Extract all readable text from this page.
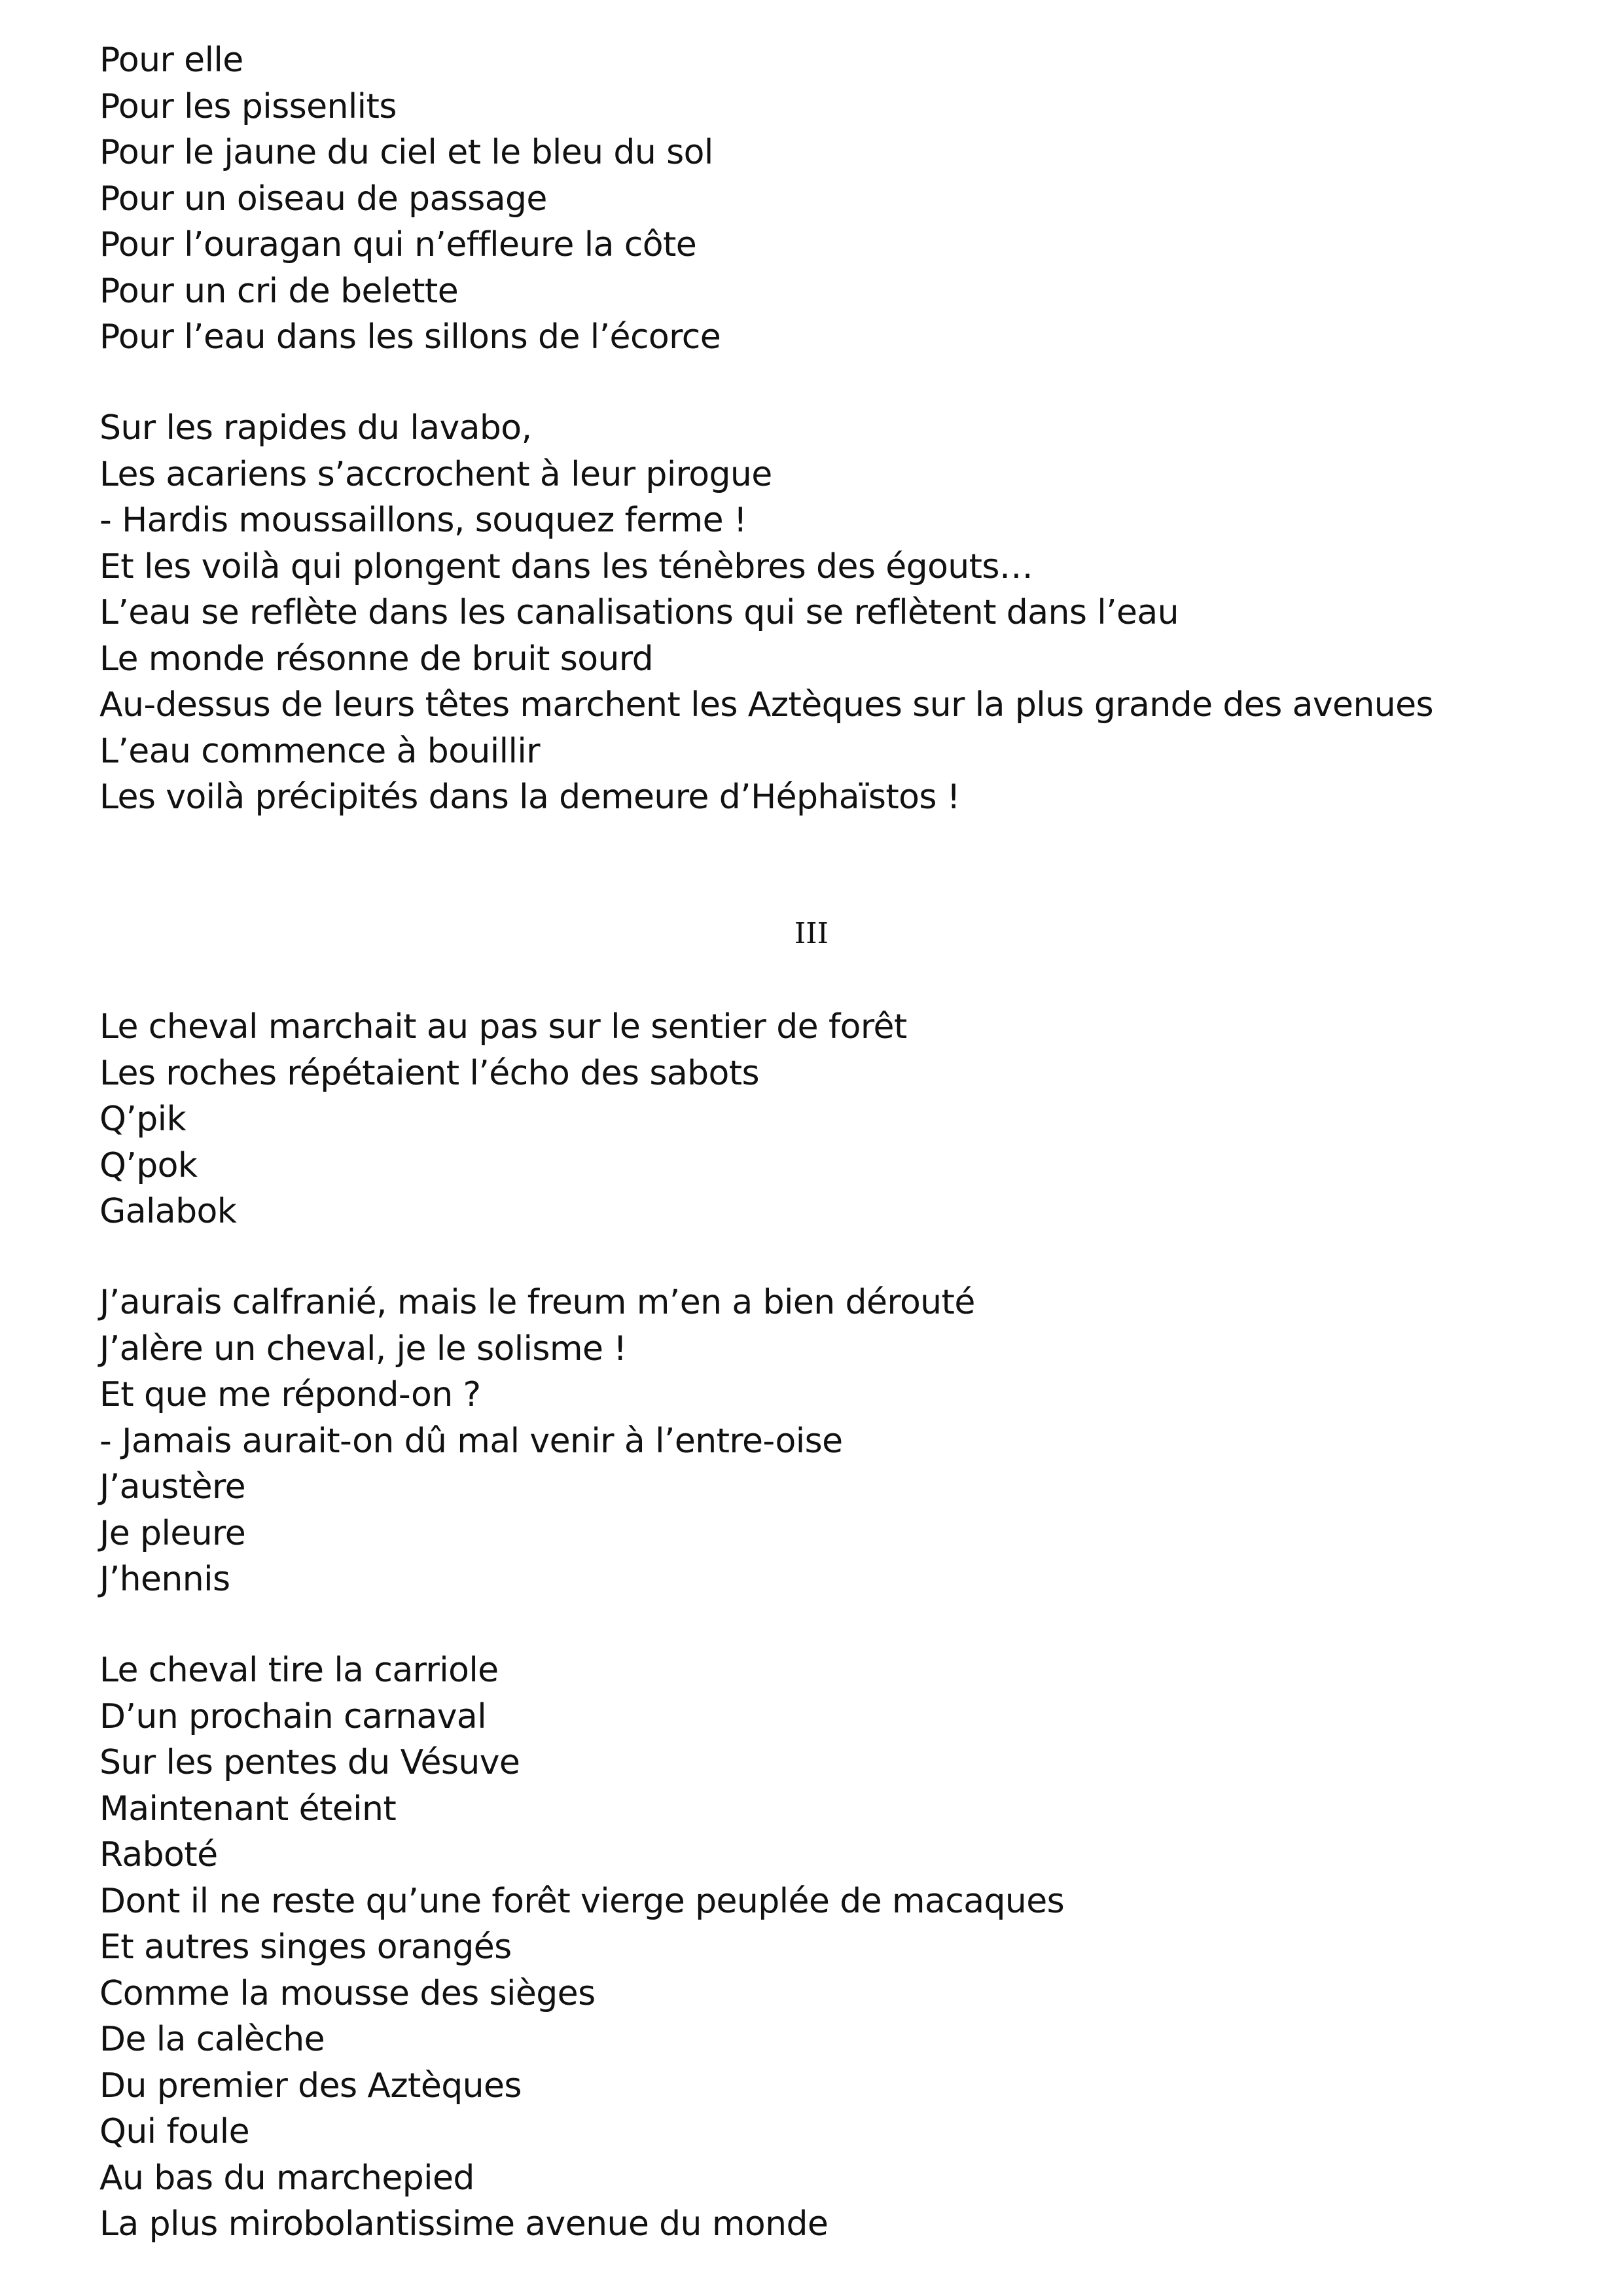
Pour elle
Pour les pissenlits
Pour le jaune du ciel et le bleu du sol
Pour un oiseau de passage
Pour l’ouragan qui n’effleure la côte
Pour un cri de belette
Pour l’eau dans les sillons de l’écorce
Sur les rapides du lavabo,
Les acariens s’accrochent à leur pirogue
- Hardis moussaillons, souquez ferme !
Et les voilà qui plongent dans les ténèbres des égouts…
L’eau se reflète dans les canalisations qui se reflètent dans l’eau
Le monde résonne de bruit sourd
Au-dessus de leurs têtes marchent les Aztèques sur la plus grande des avenues
L’eau commence à bouillir
Les voilà précipités dans la demeure d’Héphaïstos !
III
Le cheval marchait au pas sur le sentier de forêt
Les roches répétaient l’écho des sabots
Q’pik
Q’pok
Galabok
J’aurais calfranié, mais le freum m’en a bien dérouté
J’alère un cheval, je le solisme !
Et que me répond-on ?
- Jamais aurait-on dû mal venir à l’entre-oise
J’austère
Je pleure
J’hennis
Le cheval tire la carriole
D’un prochain carnaval
Sur les pentes du Vésuve
Maintenant éteint
Raboté
Dont il ne reste qu’une forêt vierge peuplée de macaques
Et autres singes orangés
Comme la mousse des sièges
De la calèche
Du premier des Aztèques
Qui foule
Au bas du marchepied
La plus mirobolantissime avenue du monde
